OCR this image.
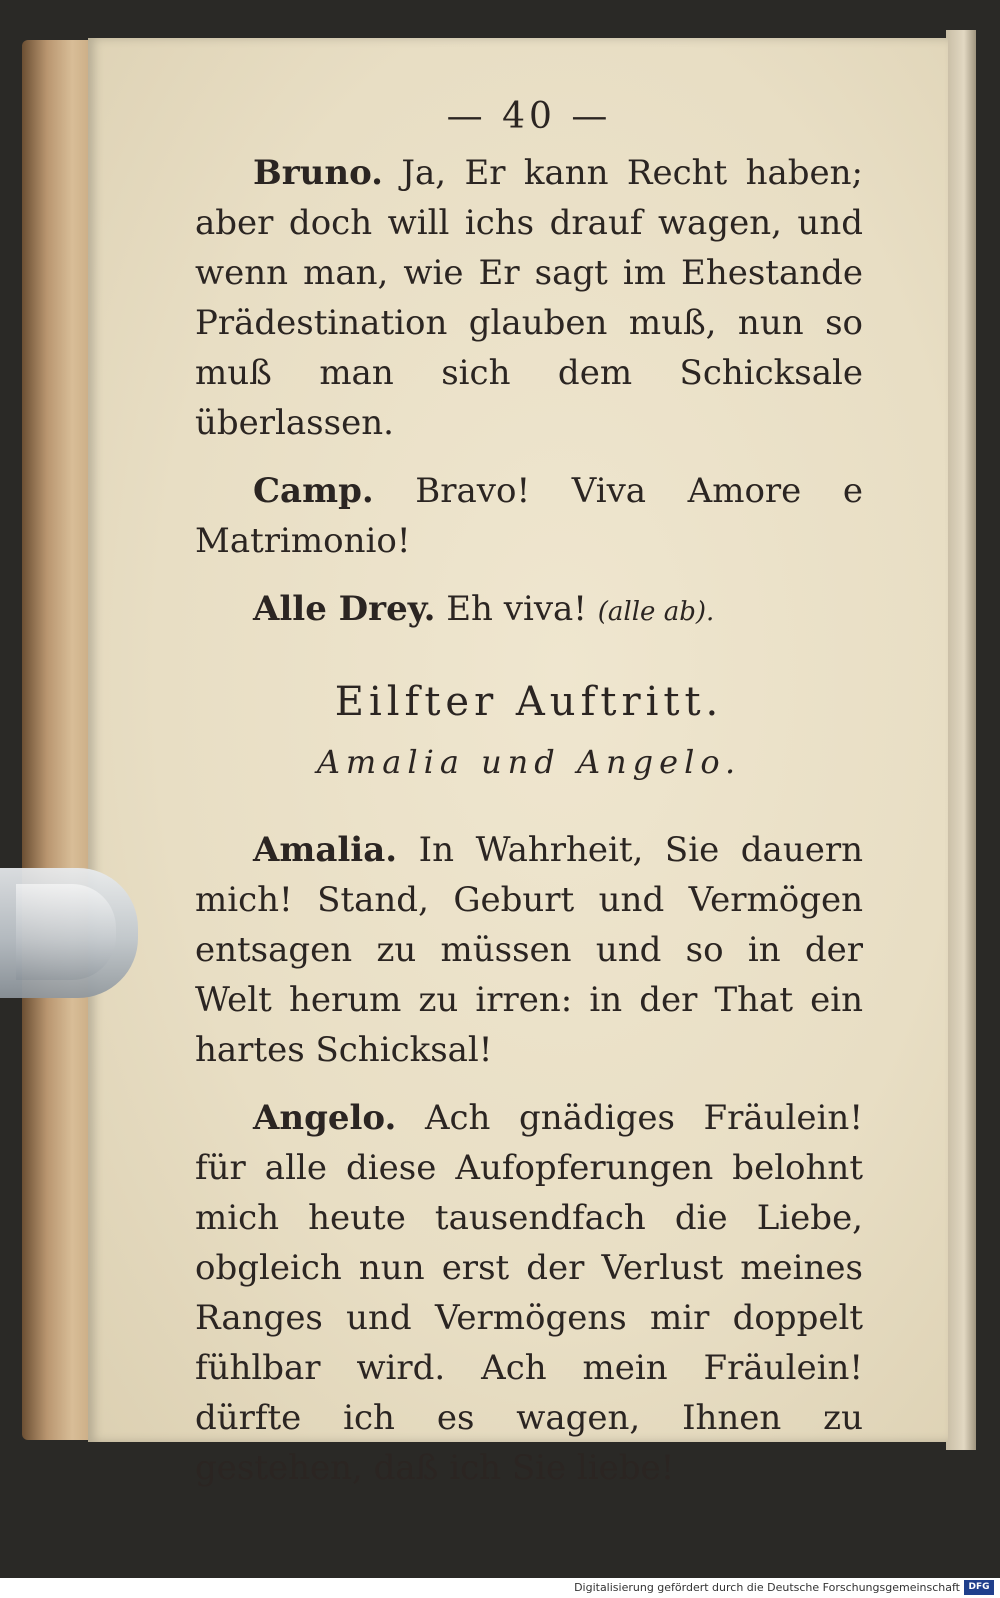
— 40 —

Bruno. Ja, Er kann Recht haben; aber doch will ichs drauf wagen, und wenn man, wie Er sagt im Ehestande Prädestination glauben muß, nun so muß man sich dem Schicksale überlassen.

Camp. Bravo! Viva Amore e Matrimonio!

Alle Drey. Eh viva! (alle ab).

Eilfter Auftritt.
Amalia und Angelo.

Amalia. In Wahrheit, Sie dauern mich! Stand, Geburt und Vermögen entsagen zu müssen und so in der Welt herum zu irren: in der That ein hartes Schicksal!

Angelo. Ach gnädiges Fräulein! für alle diese Aufopferungen belohnt mich heute tausendfach die Liebe, obgleich nun erst der Verlust meines Ranges und Vermögens mir doppelt fühlbar wird. Ach mein Fräulein! dürfte ich es wagen, Ihnen zu gestehen, daß ich Sie liebe!

Digitalisierung gefördert durch die Deutsche Forschungsgemeinschaft DFG
